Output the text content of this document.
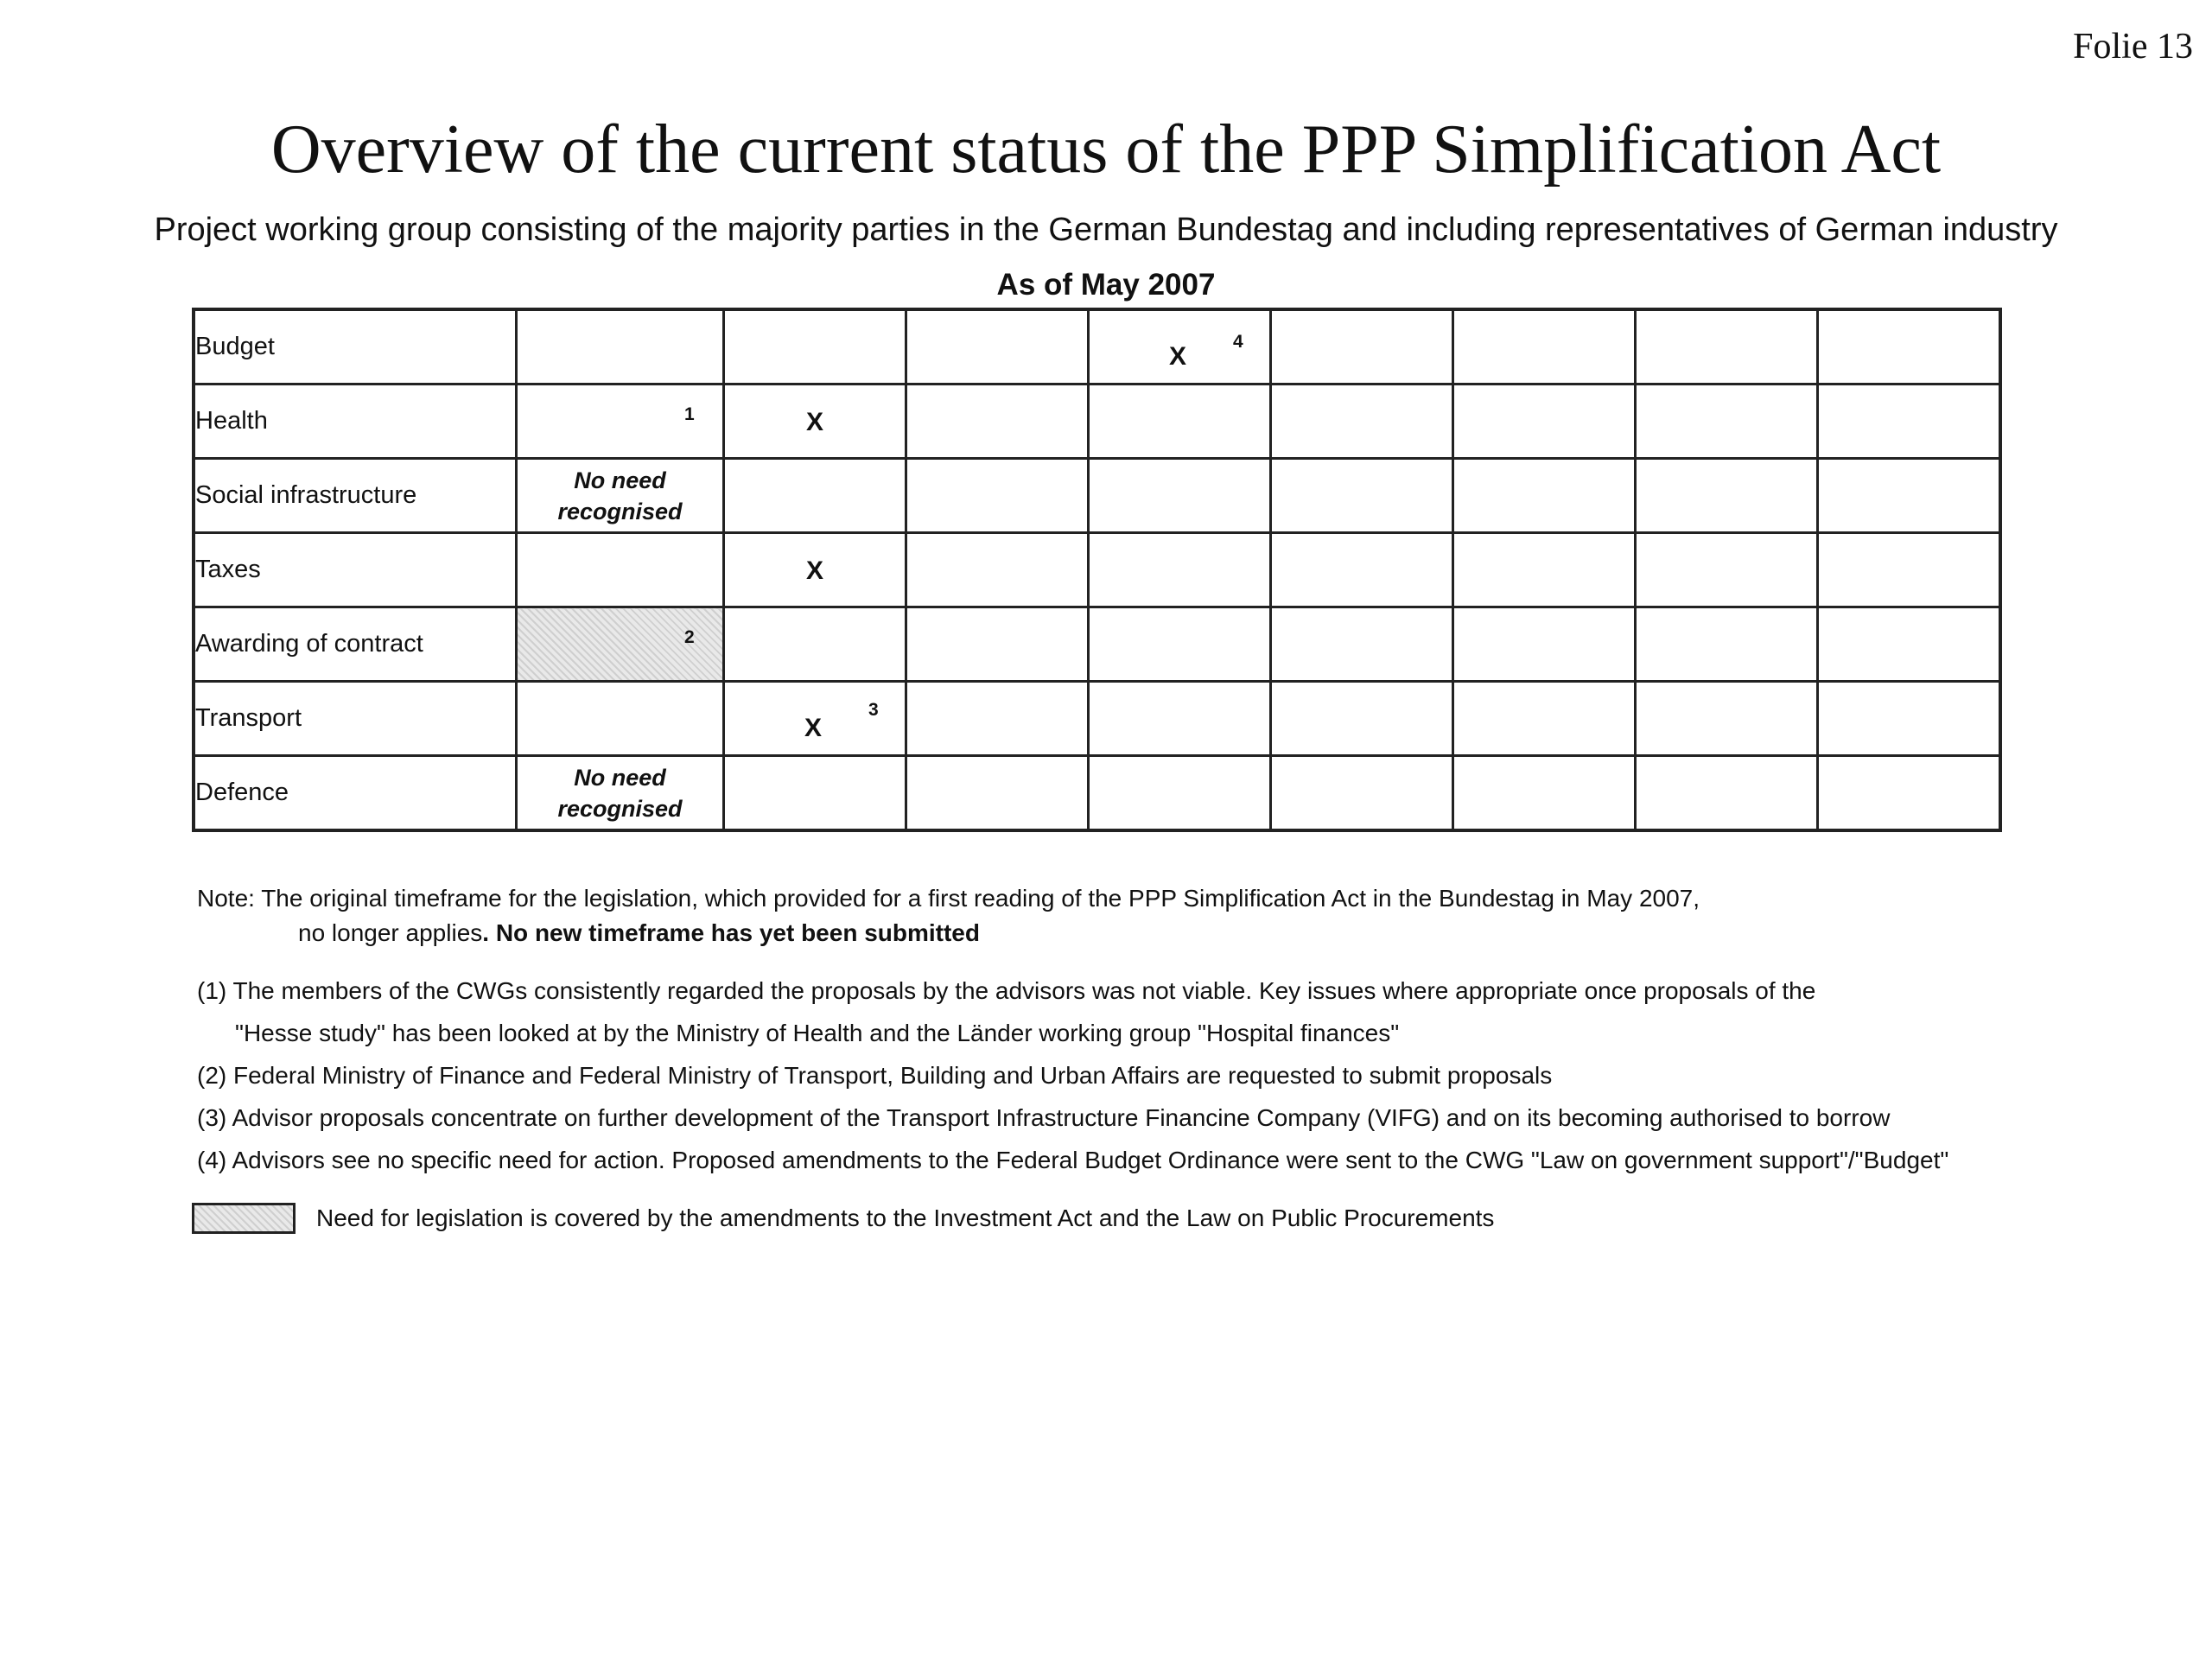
Folie 13
Overview of the current status of the PPP Simplification Act
Project working group consisting of the majority parties in the German Bundestag and including representatives of German industry
As of May 2007
Budget				X
4				

Health	1	X						

Social infrastructure	No need
recognised							

Taxes		X						

Awarding of contract	2							

Transport		X
3						

Defence	No need
recognised							

Note: The original timeframe for the legislation, which provided for a first reading of the PPP Simplification Act in the Bundestag in May 2007,
no longer applies. No new timeframe has yet been submitted
(1) The members of the CWGs consistently regarded the proposals by the advisors was not viable. Key issues where appropriate once proposals of the
"Hesse study" has been looked at by the Ministry of Health and the Länder working group "Hospital finances"
(2) Federal Ministry of Finance and Federal Ministry of Transport, Building and Urban Affairs are requested to submit proposals
(3) Advisor proposals concentrate on further development of the Transport Infrastructure Financine Company (VIFG) and on its becoming authorised to borrow
(4) Advisors see no specific need for action. Proposed amendments to the Federal Budget Ordinance were sent to the CWG "Law on government support"/"Budget"
Need for legislation is covered by the amendments to the Investment Act and the Law on Public Procurements
